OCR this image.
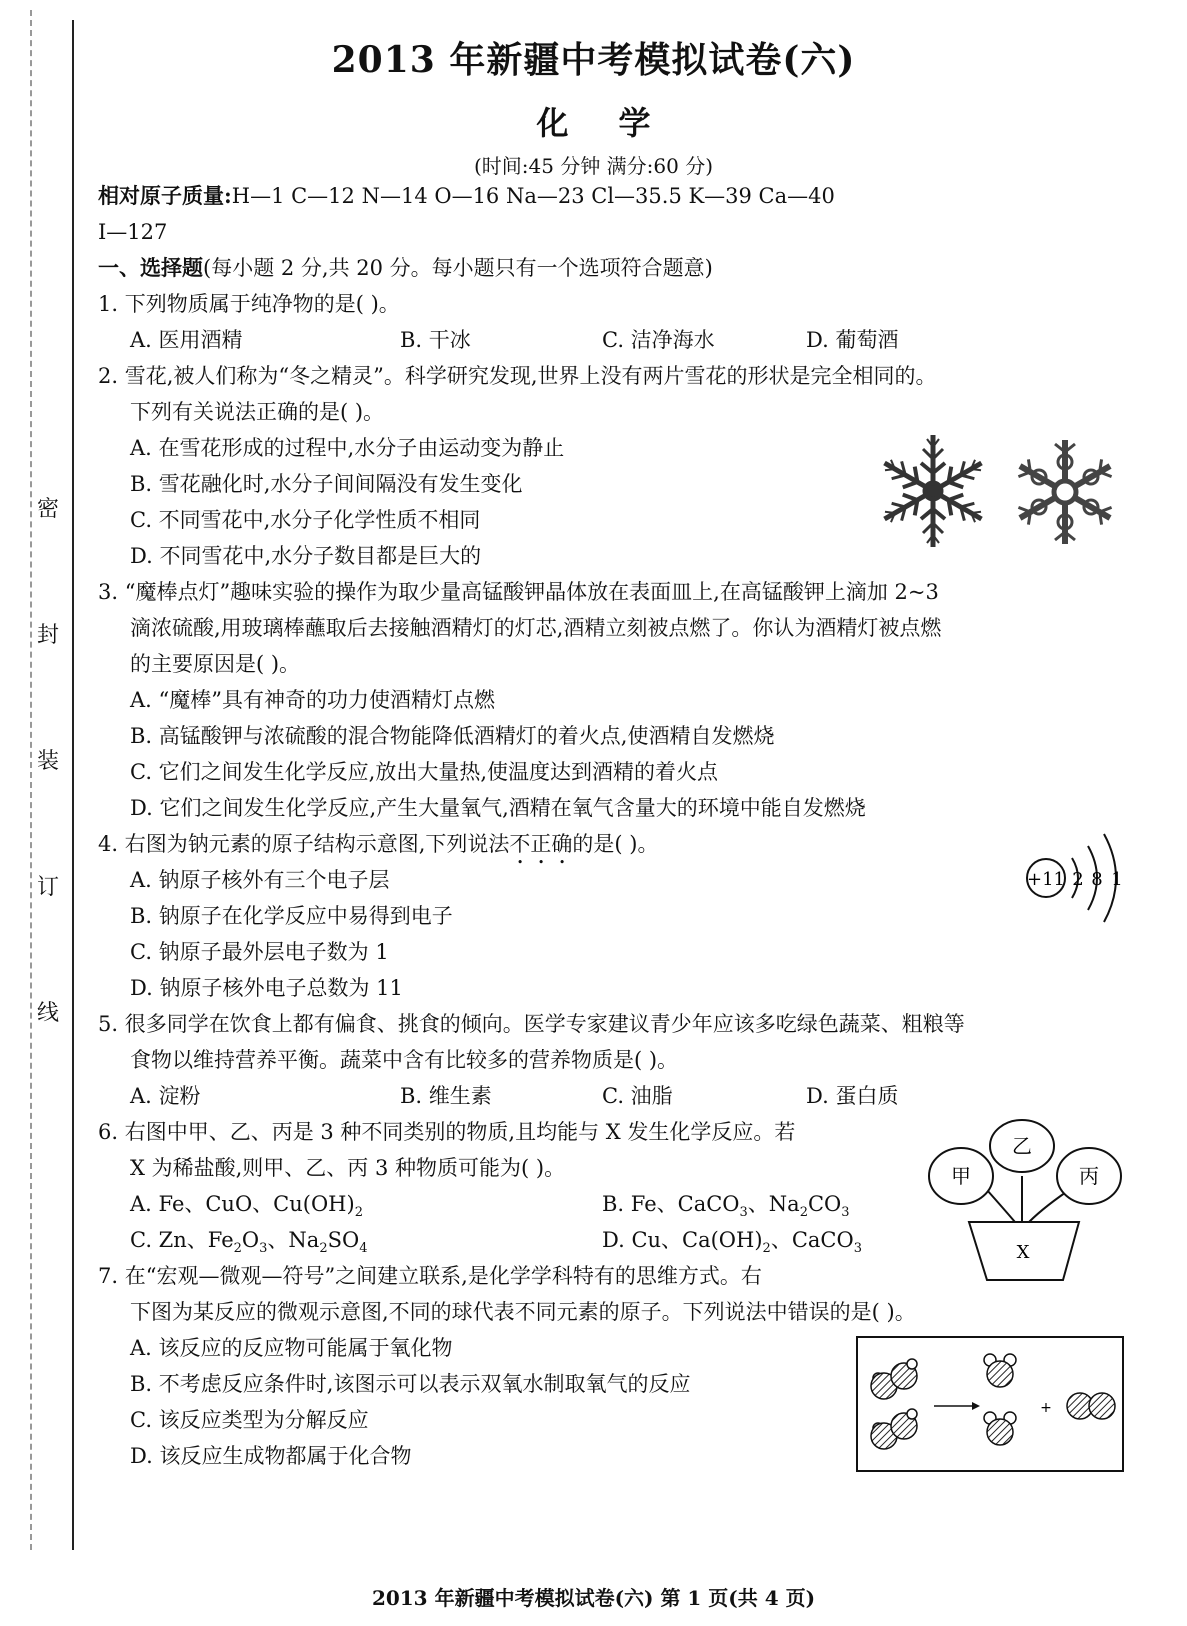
密
封
装
订
线
2013 年新疆中考模拟试卷(六)
化学
(时间:45 分钟 满分:60 分)
相对原子质量:H—1 C—12 N—14 O—16 Na—23 Cl—35.5 K—39 Ca—40
I—127
一、选择题(每小题 2 分,共 20 分。每小题只有一个选项符合题意)
1. 下列物质属于纯净物的是( )。
A. 医用酒精	B. 干冰	C. 洁净海水	D. 葡萄酒
2. 雪花,被人们称为“冬之精灵”。科学研究发现,世界上没有两片雪花的形状是完全相同的。
下列有关说法正确的是( )。
A. 在雪花形成的过程中,水分子由运动变为静止
B. 雪花融化时,水分子间间隔没有发生变化
C. 不同雪花中,水分子化学性质不相同
D. 不同雪花中,水分子数目都是巨大的
3. “魔棒点灯”趣味实验的操作为取少量高锰酸钾晶体放在表面皿上,在高锰酸钾上滴加 2~3
滴浓硫酸,用玻璃棒蘸取后去接触酒精灯的灯芯,酒精立刻被点燃了。你认为酒精灯被点燃
的主要原因是( )。
A. “魔棒”具有神奇的功力使酒精灯点燃
B. 高锰酸钾与浓硫酸的混合物能降低酒精灯的着火点,使酒精自发燃烧
C. 它们之间发生化学反应,放出大量热,使温度达到酒精的着火点
D. 它们之间发生化学反应,产生大量氧气,酒精在氧气含量大的环境中能自发燃烧
4. 右图为钠元素的原子结构示意图,下列说法不正确的是( )。
A. 钠原子核外有三个电子层
B. 钠原子在化学反应中易得到电子
C. 钠原子最外层电子数为 1
D. 钠原子核外电子总数为 11
+11 2 8 1
5. 很多同学在饮食上都有偏食、挑食的倾向。医学专家建议青少年应该多吃绿色蔬菜、粗粮等
食物以维持营养平衡。蔬菜中含有比较多的营养物质是( )。
A. 淀粉	B. 维生素	C. 油脂	D. 蛋白质
6. 右图中甲、乙、丙是 3 种不同类别的物质,且均能与 X 发生化学反应。若
X 为稀盐酸,则甲、乙、丙 3 种物质可能为( )。
A. Fe、CuO、$Cu(OH)_2$	B. Fe、CaCO$_3$、$Na_2CO_3$
C. Zn、$Fe_2O_3$、$Na_2SO_4$	D. Cu、$Ca(OH)_2$、CaCO$_3$
甲
乙
丙
X
7. 在“宏观—微观—符号”之间建立联系,是化学学科特有的思维方式。右
下图为某反应的微观示意图,不同的球代表不同元素的原子。下列说法中错误的是( )。
A. 该反应的反应物可能属于氧化物
B. 不考虑反应条件时,该图示可以表示双氧水制取氧气的反应
C. 该反应类型为分解反应
D. 该反应生成物都属于化合物
+
2013 年新疆中考模拟试卷(六) 第 1 页(共 4 页)
